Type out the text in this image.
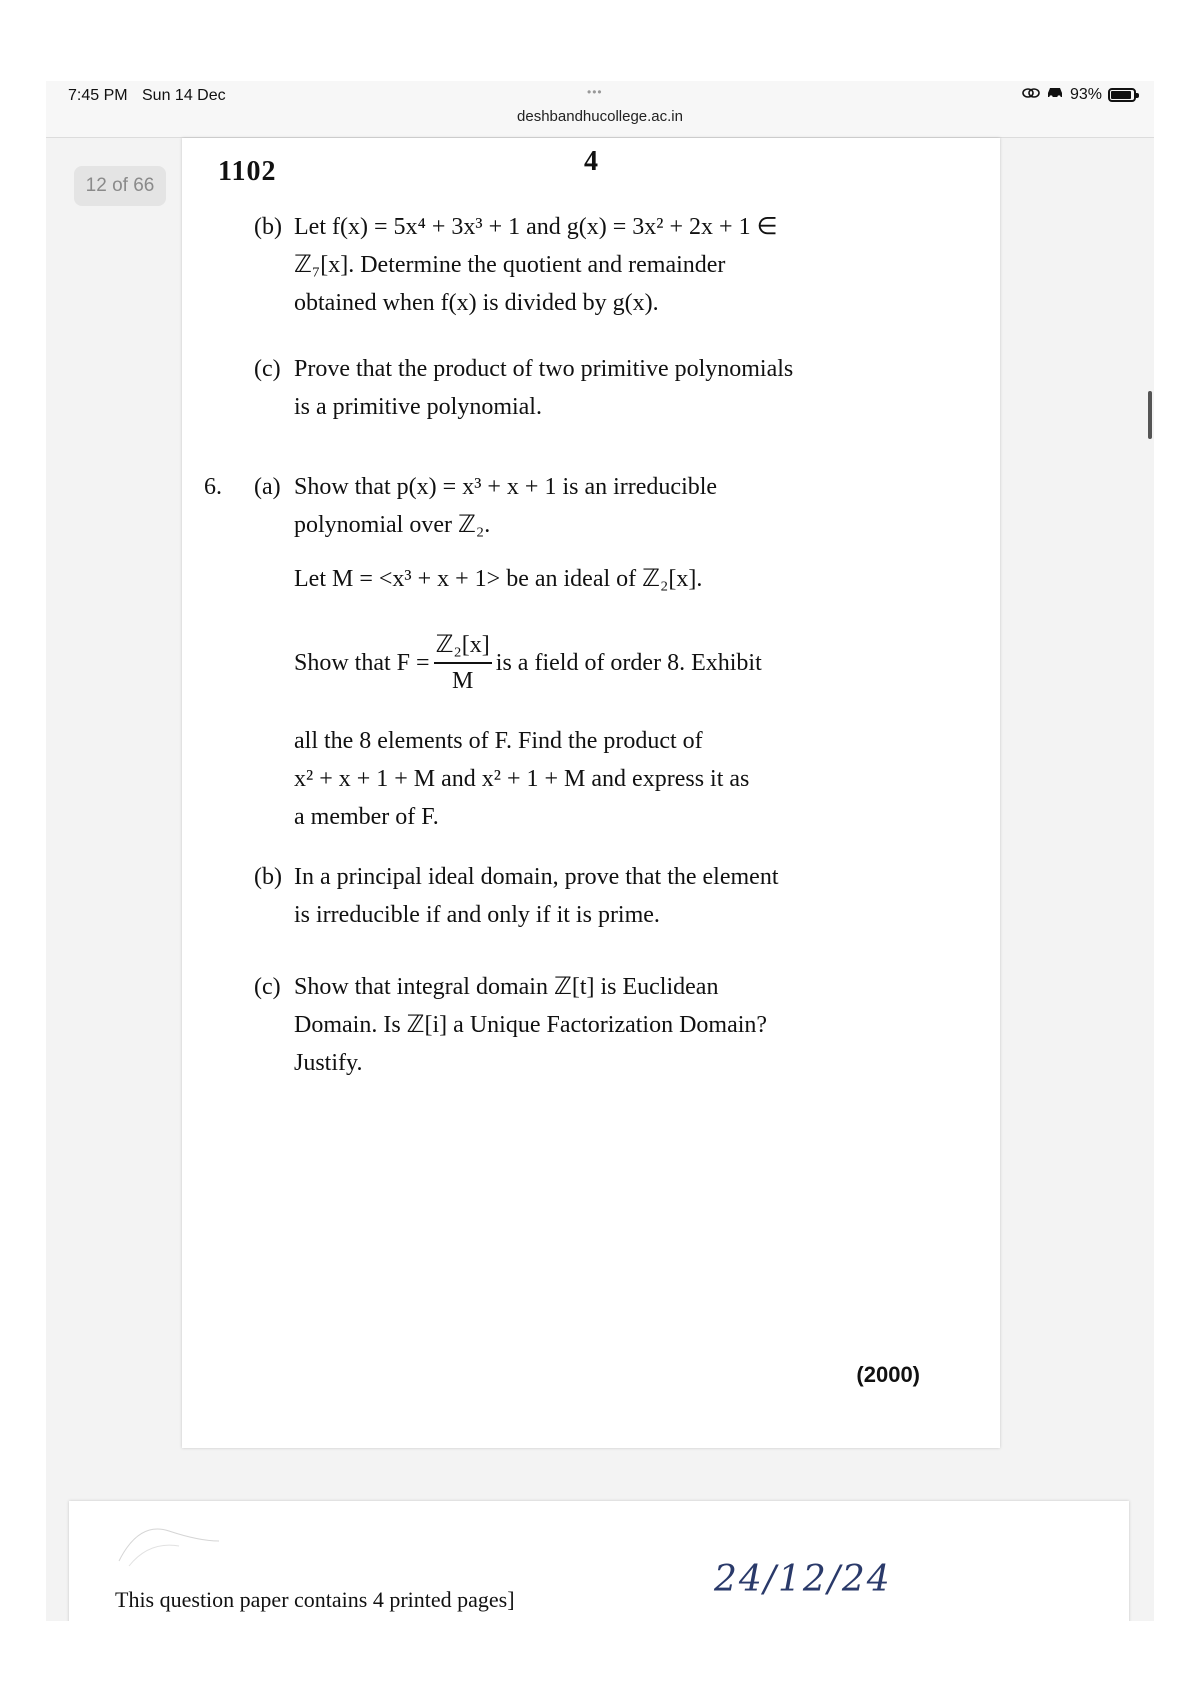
7:45 PM Sun 14 Dec	•••
deshbandhucollege.ac.in
93%
12 of 66
4
1102
(b) Let f(x) = 5x⁴ + 3x³ + 1 and g(x) = 3x² + 2x + 1 ∈
ℤ₇[x]. Determine the quotient and remainder
obtained when f(x) is divided by g(x).
(c) Prove that the product of two primitive polynomials
is a primitive polynomial.
6. (a) Show that p(x) = x³ + x + 1 is an irreducible
polynomial over ℤ₂.
Let M = <x³ + x + 1> be an ideal of ℤ₂[x].
Show that $F = \frac{\text{ℤ₂[x]}}{M}$ is a field of order 8. Exhibit
all the 8 elements of F. Find the product of
x² + x + 1 + M and x² + 1 + M and express it as
a member of F.
(b) In a principal ideal domain, prove that the element
is irreducible if and only if it is prime.
(c) Show that integral domain ℤ[t] is Euclidean
Domain. Is ℤ[i] a Unique Factorization Domain?
Justify.
(2000)
This question paper contains 4 printed pages]	24/12/24
